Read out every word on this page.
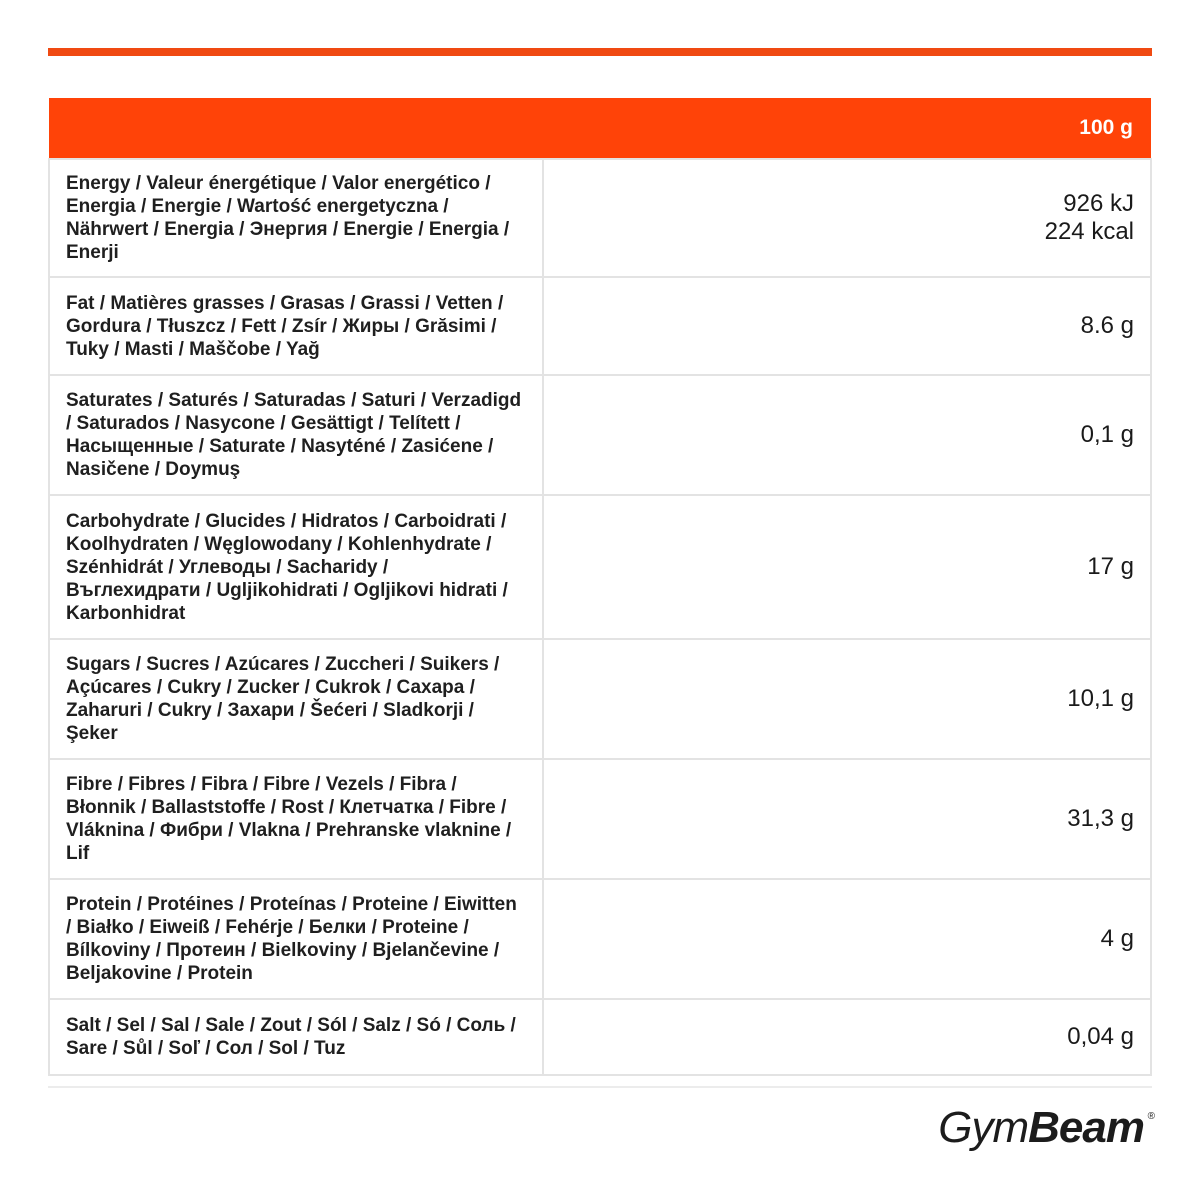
100 g	
Energy / Valeur énergétique / Valor energético / Energia / Energie / Wartość energetyczna / Nährwert / Energia / Энергия / Energie / Energia / Enerji	926 kJ
224 kcal

Fat / Matières grasses / Grasas / Grassi / Vetten / Gordura / Tłuszcz / Fett / Zsír / Жиры / Grăsimi / Tuky / Masti / Maščobe / Yağ	8.6 g
Saturates / Saturés / Saturadas / Saturi / Verzadigd / Saturados / Nasycone / Gesättigt / Telített / Насыщенные / Saturate / Nasyténé / Zasićene / Nasičene / Doymuş	0,1 g
Carbohydrate / Glucides / Hidratos / Carboidrati / Koolhydraten / Węglowodany / Kohlenhydrate / Szénhidrát / Углеводы / Sacharidy / Въглехидрати / Ugljikohidrati / Ogljikovi hidrati / Karbonhidrat	17 g
Sugars / Sucres / Azúcares / Zuccheri / Suikers / Açúcares / Cukry / Zucker / Cukrok / Сахара / Zaharuri / Cukry / Захари / Šećeri / Sladkorji / Şeker	10,1 g
Fibre / Fibres / Fibra / Fibre / Vezels / Fibra / Błonnik / Ballaststoffe / Rost / Клетчатка / Fibre / Vláknina / Фибри / Vlakna / Prehranske vlaknine / Lif	31,3 g
Protein / Protéines / Proteínas / Proteine / Eiwitten / Białko / Eiweiß / Fehérje / Белки / Proteine / Bílkoviny / Протеин / Bielkoviny / Bjelančevine / Beljakovine / Protein	4 g
Salt / Sel / Sal / Sale / Zout / Sól / Salz / Só / Соль / Sare / Sůl / Soľ / Сол / Sol / Tuz	0,04 g
GymBeam ®
